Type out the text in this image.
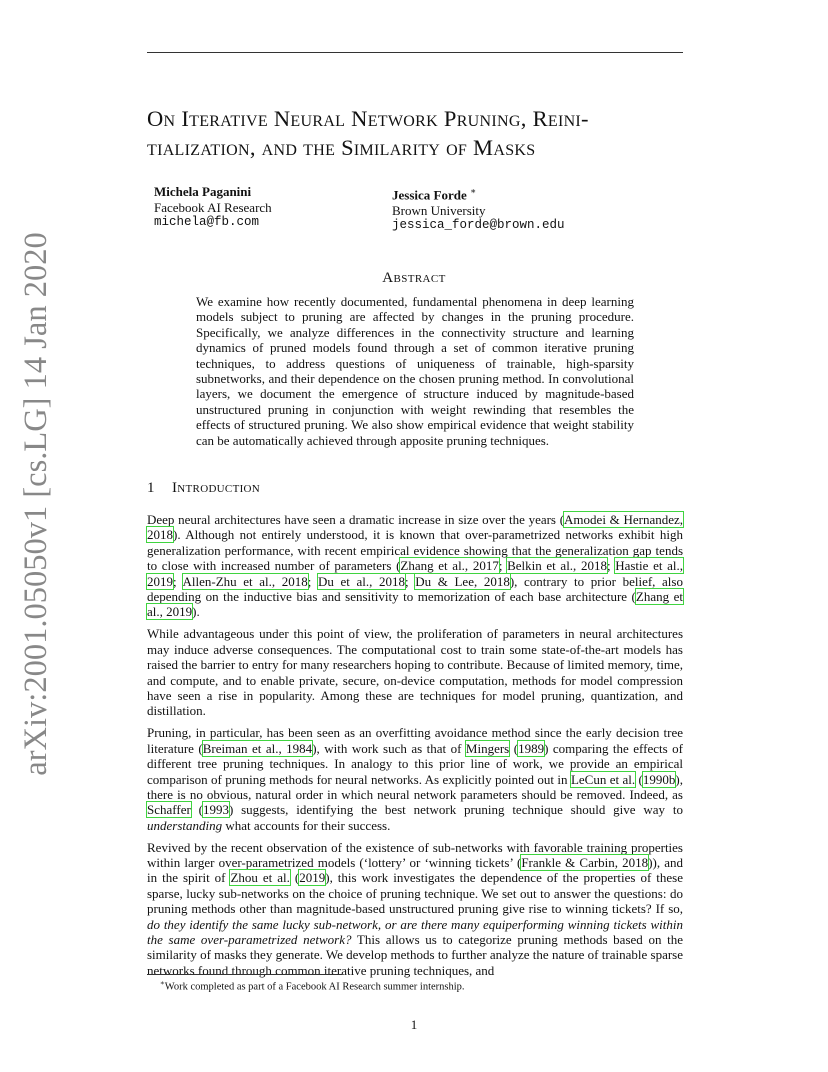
arXiv:2001.05050v1 [cs.LG] 14 Jan 2020
On Iterative Neural Network Pruning, Reini-
tialization, and the Similarity of Masks
Michela Paganini
Facebook AI Research
michela@fb.com
Jessica Forde ∗
Brown University
jessica_forde@brown.edu
Abstract

We examine how recently documented, fundamental phenomena in deep learning models subject to pruning are affected by changes in the pruning procedure. Specifically, we analyze differences in the connectivity structure and learning dynamics of pruned models found through a set of common iterative pruning techniques, to address questions of uniqueness of trainable, high-sparsity subnetworks, and their dependence on the chosen pruning method. In convolutional layers, we document the emergence of structure induced by magnitude-based unstructured pruning in conjunction with weight rewinding that resembles the effects of structured pruning. We also show empirical evidence that weight stability can be automatically achieved through apposite pruning techniques.

1 Introduction

Deep neural architectures have seen a dramatic increase in size over the years (Amodei & Hernandez, 2018). Although not entirely understood, it is known that over-parametrized networks exhibit high generalization performance, with recent empirical evidence showing that the generalization gap tends to close with increased number of parameters (Zhang et al., 2017; Belkin et al., 2018; Hastie et al., 2019; Allen-Zhu et al., 2018; Du et al., 2018; Du & Lee, 2018), contrary to prior belief, also depending on the inductive bias and sensitivity to memorization of each base architecture (Zhang et al., 2019).

While advantageous under this point of view, the proliferation of parameters in neural architectures may induce adverse consequences. The computational cost to train some state-of-the-art models has raised the barrier to entry for many researchers hoping to contribute. Because of limited memory, time, and compute, and to enable private, secure, on-device computation, methods for model compression have seen a rise in popularity. Among these are techniques for model pruning, quantization, and distillation.

Pruning, in particular, has been seen as an overfitting avoidance method since the early decision tree literature (Breiman et al., 1984), with work such as that of Mingers (1989) comparing the effects of different tree pruning techniques. In analogy to this prior line of work, we provide an empirical comparison of pruning methods for neural networks. As explicitly pointed out in LeCun et al. (1990b), there is no obvious, natural order in which neural network parameters should be removed. Indeed, as Schaffer (1993) suggests, identifying the best network pruning technique should give way to understanding what accounts for their success.

Revived by the recent observation of the existence of sub-networks with favorable training properties within larger over-parametrized models (‘lottery’ or ‘winning tickets’ (Frankle & Carbin, 2018)), and in the spirit of Zhou et al. (2019), this work investigates the dependence of the properties of these sparse, lucky sub-networks on the choice of pruning technique. We set out to answer the questions: do pruning methods other than magnitude-based unstructured pruning give rise to winning tickets? If so, do they identify the same lucky sub-network, or are there many equiperforming winning tickets within the same over-parametrized network? This allows us to categorize pruning methods based on the similarity of masks they generate. We develop methods to further analyze the nature of trainable sparse networks found through common iterative pruning techniques, and

∗Work completed as part of a Facebook AI Research summer internship.
1
